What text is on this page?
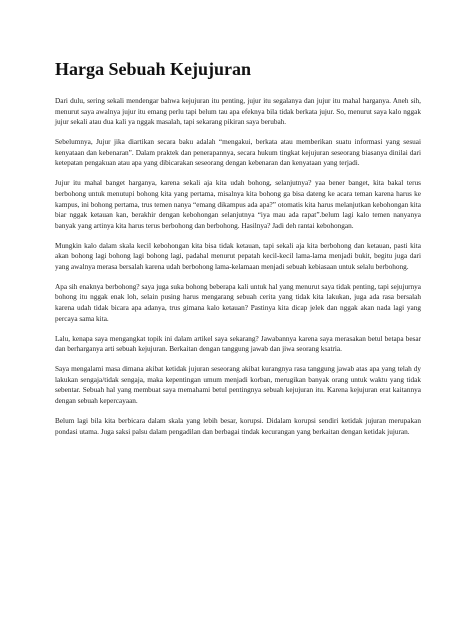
Harga Sebuah Kejujuran

Dari dulu, sering sekali mendengar bahwa kejujuran itu penting, jujur itu segalanya dan jujur itu mahal harganya. Aneh sih, menurut saya awalnya jujur itu emang perlu tapi belum tau apa efeknya bila tidak berkata jujur. So, menurut saya kalo nggak jujur sekali atau dua kali ya nggak masalah, tapi sekarang pikiran saya berubah.

Sebelumnya, Jujur jika diartikan secara baku adalah “mengakui, berkata atau memberikan suatu informasi yang sesuai kenyataan dan kebenaran”. Dalam praktek dan penerapannya, secara hukum tingkat kejujuran seseorang biasanya dinilai dari ketepatan pengakuan atau apa yang dibicarakan seseorang dengan kebenaran dan kenyataan yang terjadi.

Jujur itu mahal banget harganya, karena sekali aja kita udah bohong, selanjutnya? yaa bener banget, kita bakal terus berbohong untuk menutupi bohong kita yang pertama, misalnya kita bohong ga bisa dateng ke acara teman karena harus ke kampus, ini bohong pertama, trus temen nanya “emang dikampus ada apa?” otomatis kita harus melanjutkan kebohongan kita biar nggak ketauan kan, berakhir dengan kebohongan selanjutnya “iya mau ada rapat”.belum lagi kalo temen nanyanya banyak yang artinya kita harus terus berbohong dan berbohong. Hasilnya? Jadi deh rantai kebohongan.

Mungkin kalo dalam skala kecil kebohongan kita bisa tidak ketauan, tapi sekali aja kita berbohong dan ketauan, pasti kita akan bohong lagi bohong lagi bohong lagi, padahal menurut pepatah kecil-kecil lama-lama menjadi bukit, begitu juga dari yang awalnya merasa bersalah karena udah berbohong lama-kelamaan menjadi sebuah kebiasaan untuk selalu berbohong.

Apa sih enaknya berbohong? saya juga suka bohong beberapa kali untuk hal yang menurut saya tidak penting, tapi sejujurnya bohong itu nggak enak loh, selain pusing harus mengarang sebuah cerita yang tidak kita lakukan, juga ada rasa bersalah karena udah tidak bicara apa adanya, trus gimana kalo ketauan? Pastinya kita dicap jelek dan nggak akan nada lagi yang percaya sama kita.

Lalu, kenapa saya mengangkat topik ini dalam artikel saya sekarang? Jawabannya karena saya merasakan betul betapa besar dan berharganya arti sebuah kejujuran. Berkaitan dengan tanggung jawab dan jiwa seorang ksatria.

Saya mengalami masa dimana akibat ketidak jujuran seseorang akibat kurangnya rasa tanggung jawab atas apa yang telah dy lakukan sengaja/tidak sengaja, maka kepentingan umum menjadi korban, merugikan banyak orang untuk waktu yang tidak sebentar. Sebuah hal yang membuat saya memahami betul pentingnya sebuah kejujuran itu. Karena kejujuran erat kaitannya dengan sebuah kepercayaan.

Belum lagi bila kita berbicara dalam skala yang lebih besar, korupsi. Didalam korupsi sendiri ketidak jujuran merupakan pondasi utama. Juga saksi palsu dalam pengadilan dan berbagai tindak kecurangan yang berkaitan dengan ketidak jujuran.
